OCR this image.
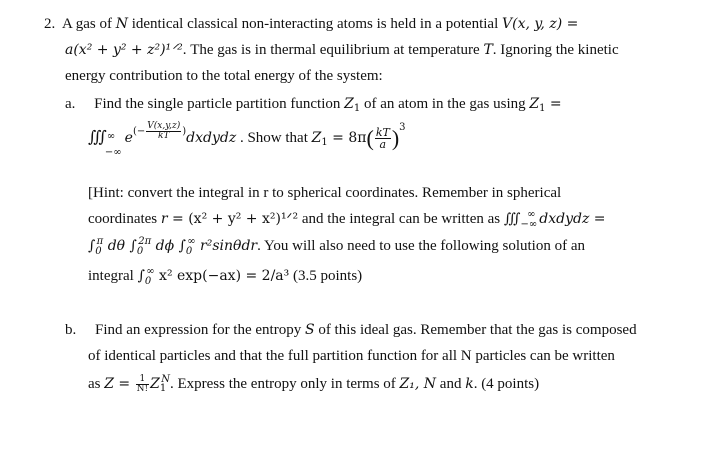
2. A gas of N identical classical non-interacting atoms is held in a potential V(x, y, z) =
a(x² + y² + z²)¹ᐟ². The gas is in thermal equilibrium at temperature T. Ignoring the kinetic
energy contribution to the total energy of the system:
a. Find the single particle partition function $Z_1$ of an atom in the gas using $Z_1$ =
∭ ∞
−∞
$e(- \frac{V(x,y,z)}{kT}$ )dxdydz . Show that $Z_1 = 8\pi( \frac{kT}{a} )^3$
[Hint: convert the integral in r to spherical coordinates. Remember in spherical
coordinates r = (x² + y² + x²)¹ᐟ² and the integral can be written as $∭_{-\infty}^\infty$ dxdydz =
$\int_0^\pi$ dθ $\int_0^{2\pi}$ dϕ $\int_0^\infty$ r²sinθdr. You will also need to use the following solution of an
integral $\int_0^\infty$ x² exp(−ax) = 2/a³ (3.5 points)
b. Find an expression for the entropy S of this ideal gas. Remember that the gas is composed
of identical particles and that the full partition function for all N particles can be written
as $Z = \frac{1}{N!} Z_1^N$. Express the entropy only in terms of Z₁, N and k. (4 points)
